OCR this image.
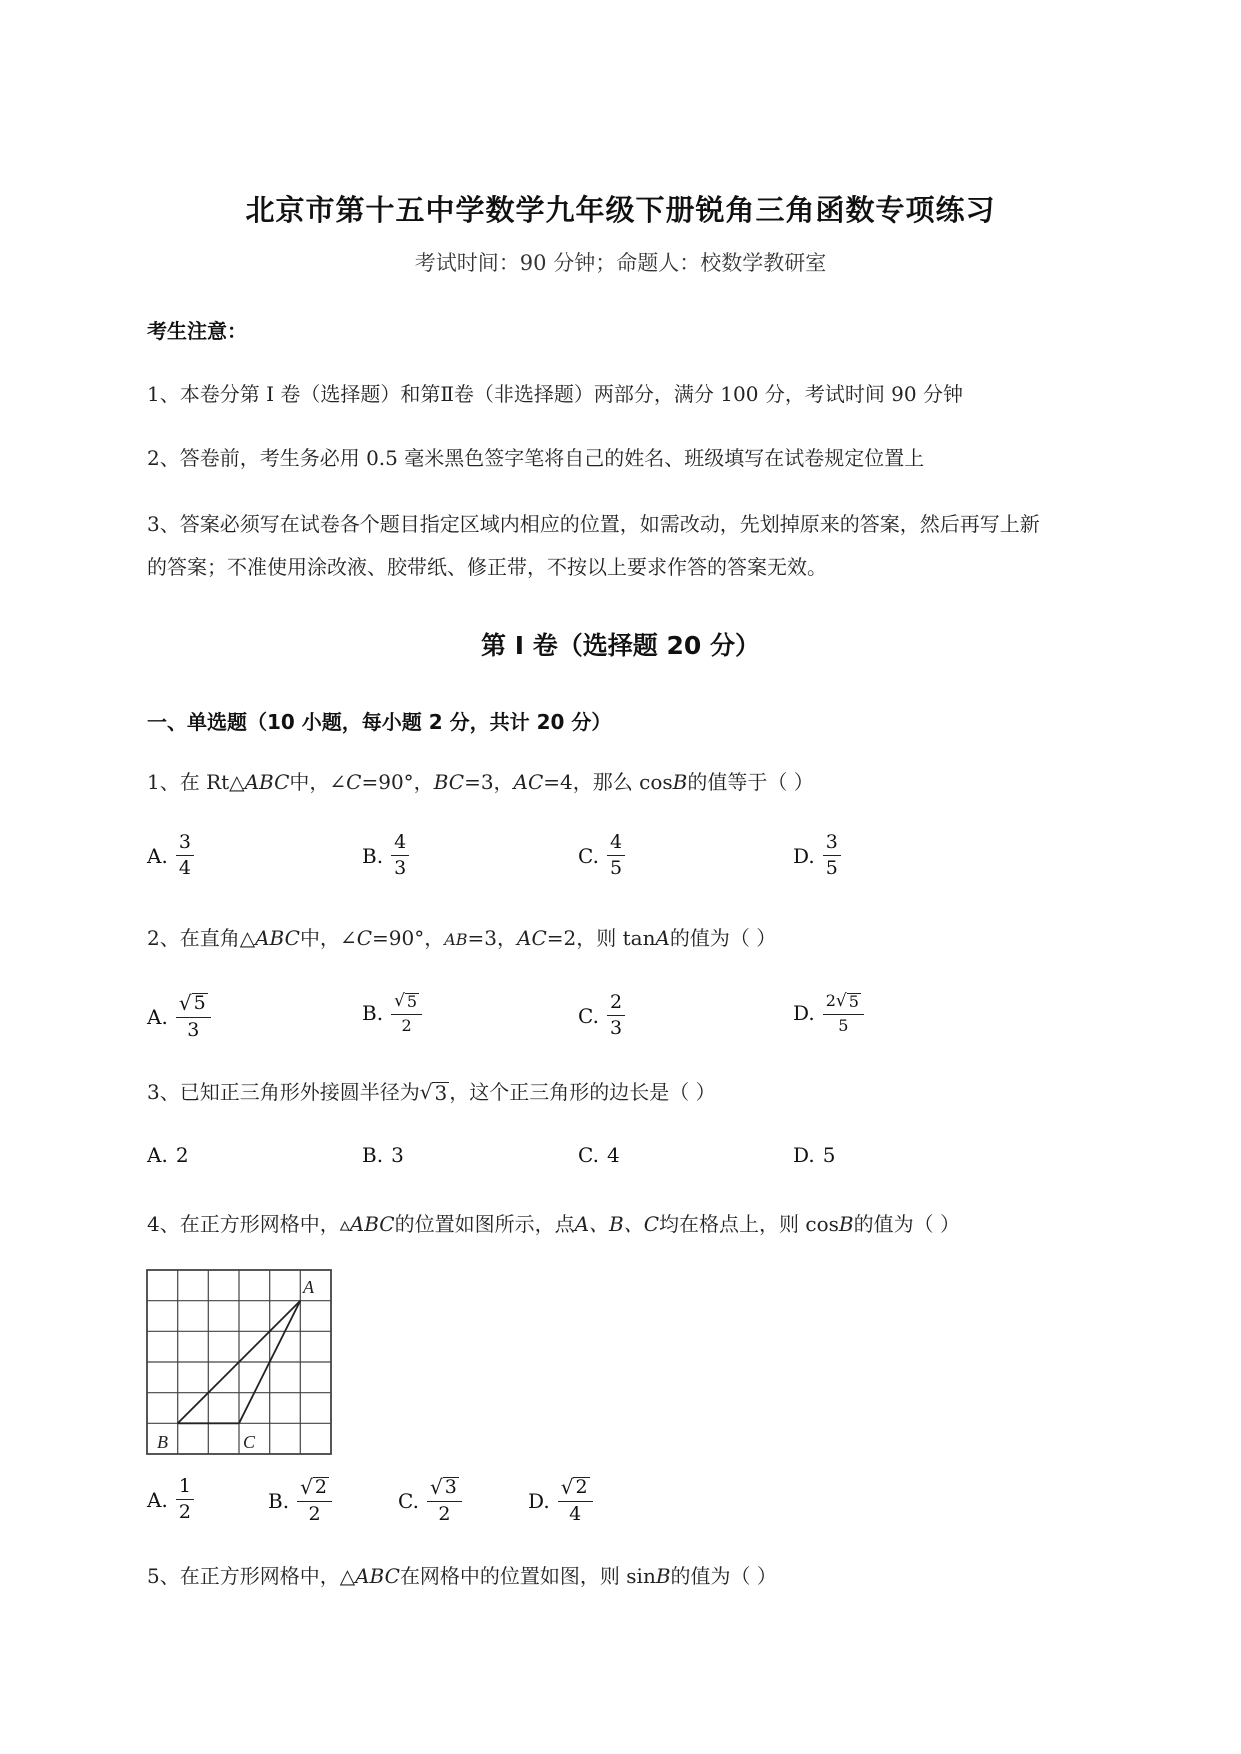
北京市第十五中学数学九年级下册锐角三角函数专项练习
考试时间：90 分钟；命题人：校数学教研室
考生注意：
1、本卷分第 I 卷（选择题）和第Ⅱ卷（非选择题）两部分，满分 100 分，考试时间 90 分钟
2、答卷前，考生务必用 0.5 毫米黑色签字笔将自己的姓名、班级填写在试卷规定位置上
3、答案必须写在试卷各个题目指定区域内相应的位置，如需改动，先划掉原来的答案，然后再写上新
的答案；不准使用涂改液、胶带纸、修正带，不按以上要求作答的答案无效。
第 I 卷（选择题 20 分）
一、单选题（10 小题，每小题 2 分，共计 20 分）
1、在 Rt△ABC中，∠C=90°，BC=3，AC=4，那么 cosB的值等于（ ）
A. $\frac{3}{4}$	B. $\frac{4}{3}$	C. $\frac{4}{5}$	D. $\frac{3}{5}$
2、在直角△ABC中，∠C=90°，AB=3，AC=2，则 tanA的值为（ ）
A. $\frac{√ 5}{3}$	B. $\frac{√ 5}{2}$	C. $\frac{2}{3}$	D. $\frac{2 √ 5}{5}$
3、已知正三角形外接圆半径为 √ 3 ，这个正三角形的边长是（ ）
A. 2	B. 3	C. 4	D. 5
4、在正方形网格中，▵ABC的位置如图所示，点A、B、C均在格点上，则 cosB的值为（ ）
A
B	C
A. $\frac{1}{2}$	B. $\frac{√ 2}{2}$	C. $\frac{√ 3}{2}$	D. $\frac{√ 2}{4}$
5、在正方形网格中，△ABC在网格中的位置如图，则 sinB的值为（ ）
